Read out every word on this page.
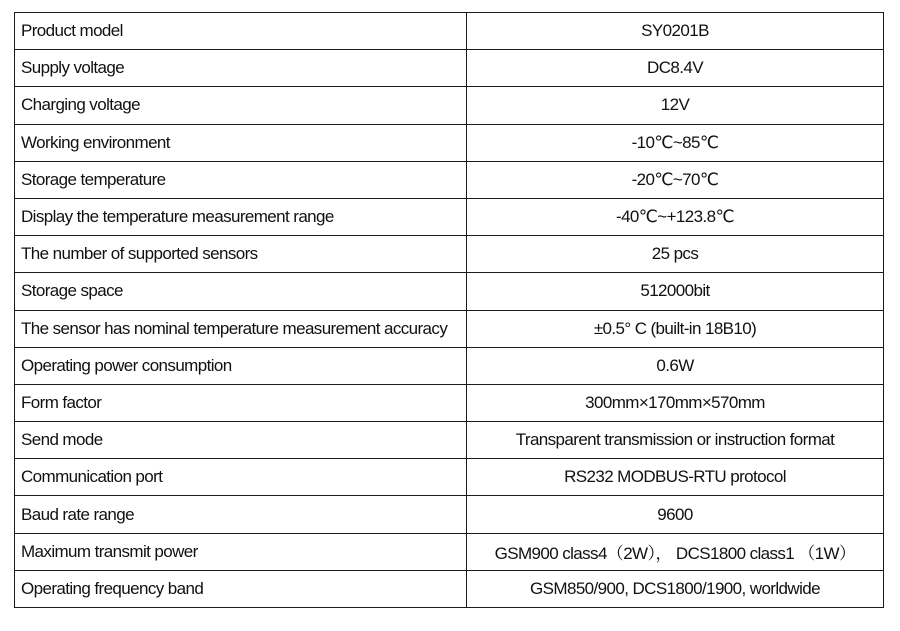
Product model	SY0201B
Supply voltage	DC8.4V
Charging voltage	12V
Working environment	-10℃~85℃
Storage temperature	-20℃~70℃
Display the temperature measurement range	-40℃~+123.8℃
The number of supported sensors	25 pcs
Storage space	512000bit
The sensor has nominal temperature measurement accuracy	±0.5° C (built-in 18B10)
Operating power consumption	0.6W
Form factor	300mm×170mm×570mm
Send mode	Transparent transmission or instruction format
Communication port	RS232 MODBUS-RTU protocol
Baud rate range	9600
Maximum transmit power	GSM900 class4（2W）， DCS1800 class1 （1W）
Operating frequency band	GSM850/900, DCS1800/1900, worldwide
